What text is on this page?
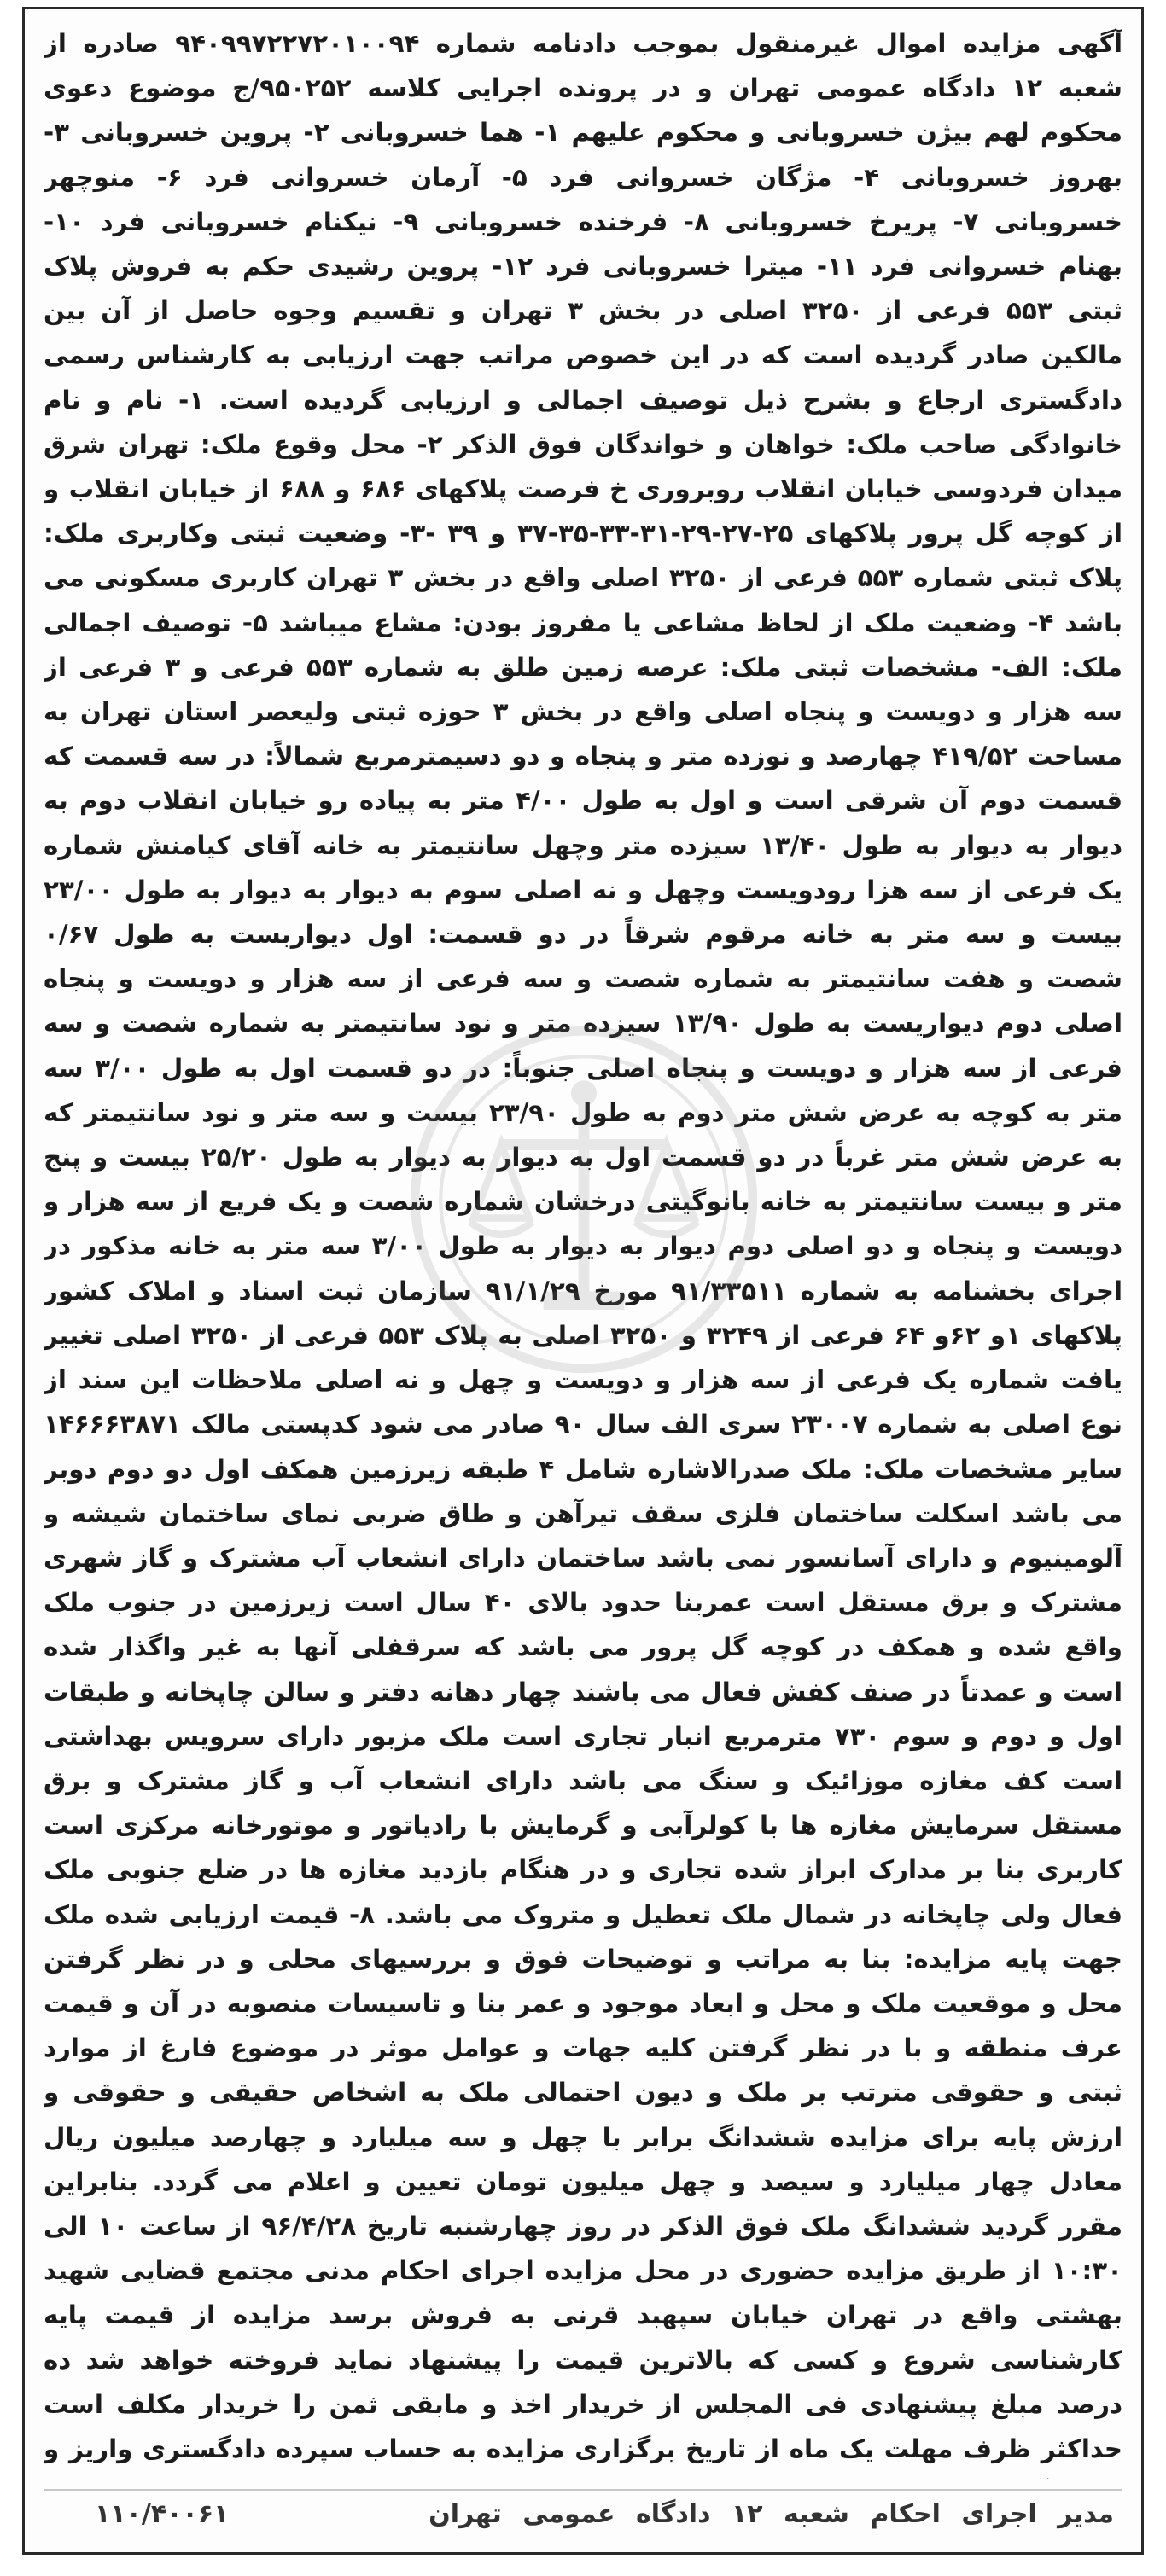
آگهی مزایده اموال غیرمنقول بموجب دادنامه شماره ۹۴۰۹۹۷۲۲۷۲۰۱۰۰۹۴ صادره از شعبه ۱۲ دادگاه عمومی تهران و در پرونده اجرایی کلاسه ۹۵۰۲۵۲/ج موضوع دعوی محکوم لهم بیژن خسروبانی و محکوم علیهم ۱- هما خسروبانی ۲- پروین خسروبانی ۳- بهروز خسروبانی ۴- مژگان خسروانی فرد ۵- آرمان خسروانی فرد ۶- منوچهر خسروبانی ۷- پریرخ خسروبانی ۸- فرخنده خسروبانی ۹- نیکنام خسروبانی فرد ۱۰- بهنام خسروانی فرد ۱۱- میترا خسروبانی فرد ۱۲- پروین رشیدی حکم به فروش پلاک ثبتی ۵۵۳ فرعی از ۳۲۵۰ اصلی در بخش ۳ تهران و تقسیم وجوه حاصل از آن بین مالکین صادر گردیده است که در این خصوص مراتب جهت ارزیابی به کارشناس رسمی دادگستری ارجاع و بشرح ذیل توصیف اجمالی و ارزیابی گردیده است. ۱- نام و نام خانوادگی صاحب ملک: خواهان و خواندگان فوق الذکر ۲- محل وقوع ملک: تهران شرق میدان فردوسی خیابان انقلاب روبروری خ فرصت پلاکهای ۶۸۶ و ۶۸۸ از خیابان انقلاب و از کوچه گل پرور پلاکهای ۲۵-۲۷-۲۹-۳۱-۳۳-۳۵-۳۷ و ۳۹ -۳- وضعیت ثبتی وکاربری ملک: پلاک ثبتی شماره ۵۵۳ فرعی از ۳۲۵۰ اصلی واقع در بخش ۳ تهران کاربری مسکونی می باشد ۴- وضعیت ملک از لحاظ مشاعی یا مفروز بودن: مشاع میباشد ۵- توصیف اجمالی ملک: الف- مشخصات ثبتی ملک: عرصه زمین طلق به شماره ۵۵۳ فرعی و ۳ فرعی از سه هزار و دویست و پنجاه اصلی واقع در بخش ۳ حوزه ثبتی ولیعصر استان تهران به مساحت ۴۱۹/۵۲ چهارصد و نوزده متر و پنجاه و دو دسیمترمربع شمالاً: در سه قسمت که قسمت دوم آن شرقی است و اول به طول ۴/۰۰ متر به پیاده رو خیابان انقلاب دوم به دیوار به دیوار به طول ۱۳/۴۰ سیزده متر وچهل سانتیمتر به خانه آقای کیامنش شماره یک فرعی از سه هزا رودویست وچهل و نه اصلی سوم به دیوار به دیوار به طول ۲۳/۰۰ بیست و سه متر به خانه مرقوم شرقاً در دو قسمت: اول دیواربست به طول ۰/۶۷ شصت و هفت سانتیمتر به شماره شصت و سه فرعی از سه هزار و دویست و پنجاه اصلی دوم دیواریست به طول ۱۳/۹۰ سیزده متر و نود سانتیمتر به شماره شصت و سه فرعی از سه هزار و دویست و پنجاه اصلی جنوباً: در دو قسمت اول به طول ۳/۰۰ سه متر به کوچه به عرض شش متر دوم به طول ۲۳/۹۰ بیست و سه متر و نود سانتیمتر که به عرض شش متر غرباً در دو قسمت اول به دیوار به دیوار به طول ۲۵/۲۰ بیست و پنج متر و بیست سانتیمتر به خانه بانوگیتی درخشان شماره شصت و یک فریع از سه هزار و دویست و پنجاه و دو اصلی دوم دیوار به دیوار به طول ۳/۰۰ سه متر به خانه مذکور در اجرای بخشنامه به شماره ۹۱/۳۳۵۱۱ مورخ ۹۱/۱/۲۹ سازمان ثبت اسناد و املاک کشور پلاکهای ۱و ۶۲و ۶۴ فرعی از ۳۲۴۹ و ۳۲۵۰ اصلی به پلاک ۵۵۳ فرعی از ۳۲۵۰ اصلی تغییر یافت شماره یک فرعی از سه هزار و دویست و چهل و نه اصلی ملاحظات این سند از نوع اصلی به شماره ۲۳۰۰۷ سری الف سال ۹۰ صادر می شود کدپستی مالک ۱۴۶۶۶۳۸۷۱ سایر مشخصات ملک: ملک صدرالاشاره شامل ۴ طبقه زیرزمین همکف اول دو دوم دوبر می باشد اسکلت ساختمان فلزی سقف تیرآهن و طاق ضربی نمای ساختمان شیشه و آلومینیوم و دارای آسانسور نمی باشد ساختمان دارای انشعاب آب مشترک و گاز شهری مشترک و برق مستقل است عمربنا حدود بالای ۴۰ سال است زیرزمین در جنوب ملک واقع شده و همکف در کوچه گل پرور می باشد که سرقفلی آنها به غیر واگذار شده است و عمدتاً در صنف کفش فعال می باشند چهار دهانه دفتر و سالن چاپخانه و طبقات اول و دوم و سوم ۷۳۰ مترمربع انبار تجاری است ملک مزبور دارای سرویس بهداشتی است کف مغازه موزائیک و سنگ می باشد دارای انشعاب آب و گاز مشترک و برق مستقل سرمایش مغازه ها با کولرآبی و گرمایش با رادیاتور و موتورخانه مرکزی است کاربری بنا بر مدارک ابراز شده تجاری و در هنگام بازدید مغازه ها در ضلع جنوبی ملک فعال ولی چاپخانه در شمال ملک تعطیل و متروک می باشد. ۸- قیمت ارزیابی شده ملک جهت پایه مزایده: بنا به مراتب و توضیحات فوق و بررسیهای محلی و در نظر گرفتن محل و موقعیت ملک و محل و ابعاد موجود و عمر بنا و تاسیسات منصوبه در آن و قیمت عرف منطقه و با در نظر گرفتن کلیه جهات و عوامل موثر در موضوع فارغ از موارد ثبتی و حقوقی مترتب بر ملک و دیون احتمالی ملک به اشخاص حقیقی و حقوقی و ارزش پایه برای مزایده ششدانگ برابر با چهل و سه میلیارد و چهارصد میلیون ریال معادل چهار میلیارد و سیصد و چهل میلیون تومان تعیین و اعلام می گردد. بنابراین مقرر گردید ششدانگ ملک فوق الذکر در روز چهارشنبه تاریخ ۹۶/۴/۲۸ از ساعت ۱۰ الی ۱۰:۳۰ از طریق مزایده حضوری در محل مزایده اجرای احکام مدنی مجتمع قضایی شهید بهشتی واقع در تهران خیابان سپهبد قرنی به فروش برسد مزایده از قیمت پایه کارشناسی شروع و کسی که بالاترین قیمت را پیشنهاد نماید فروخته خواهد شد ده درصد مبلغ پیشنهادی فی المجلس از خریدار اخذ و مابقی ثمن را خریدار مکلف است حداکثر ظرف مهلت یک ماه از تاریخ برگزاری مزایده به حساب سپرده دادگستری واریز و

مدیر اجرای احکام شعبه ۱۲ دادگاه عمومی تهران
۱۱۰/۴۰۰۶۱
